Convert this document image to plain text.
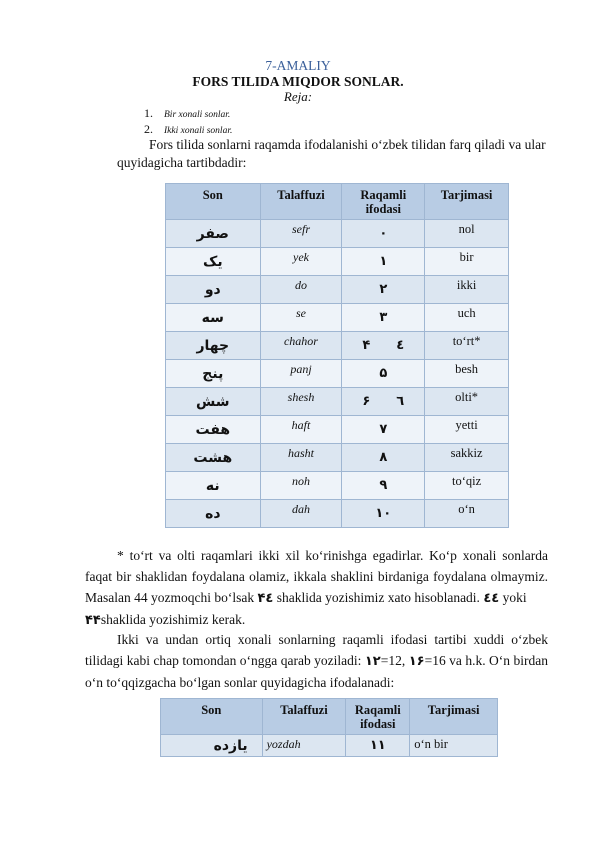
7-AMALIY
FORS TILIDA MIQDOR SONLAR.
Reja:
1. Bir xonali sonlar.
2. Ikki xonali sonlar.
Fors tilida sonlarni raqamda ifodalanishi o‘zbek tilidan farq qiladi va ular quyidagicha tartibdadir:
Son	Talaffuzi	Raqamli ifodasi	Tarjimasi
صفر	sefr	۰	nol
یک	yek	۱	bir
دو	do	۲	ikki
سه	se	۳	uch
چهار	chahor	۴ ٤	to‘rt*
پنج	panj	۵	besh
شش	shesh	۶ ٦	olti*
هفت	haft	۷	yetti
هشت	hasht	۸	sakkiz
نه	noh	۹	to‘qiz
ده	dah	۱۰	o‘n
* to‘rt va olti raqamlari ikki xil ko‘rinishga egadirlar. Ko‘p xonali sonlarda faqat bir shaklidan foydalana olamiz, ikkala shaklini birdaniga foydalana olmaymiz. Masalan 44 yozmoqchi bo‘lsak ۴٤ shaklida yozishimiz xato hisoblanadi. ٤٤ yoki
۴۴shaklida yozishimiz kerak.
Ikki va undan ortiq xonali sonlarning raqamli ifodasi tartibi xuddi o‘zbek tilidagi kabi chap tomondan o‘ngga qarab yoziladi: ۱۲=12, ۱۶=16 va h.k. O‘n birdan o‘n to‘qqizgacha bo‘lgan sonlar quyidagicha ifodalanadi:
Son	Talaffuzi	Raqamli ifodasi	Tarjimasi
یازده	yozdah	۱۱	o‘n bir
